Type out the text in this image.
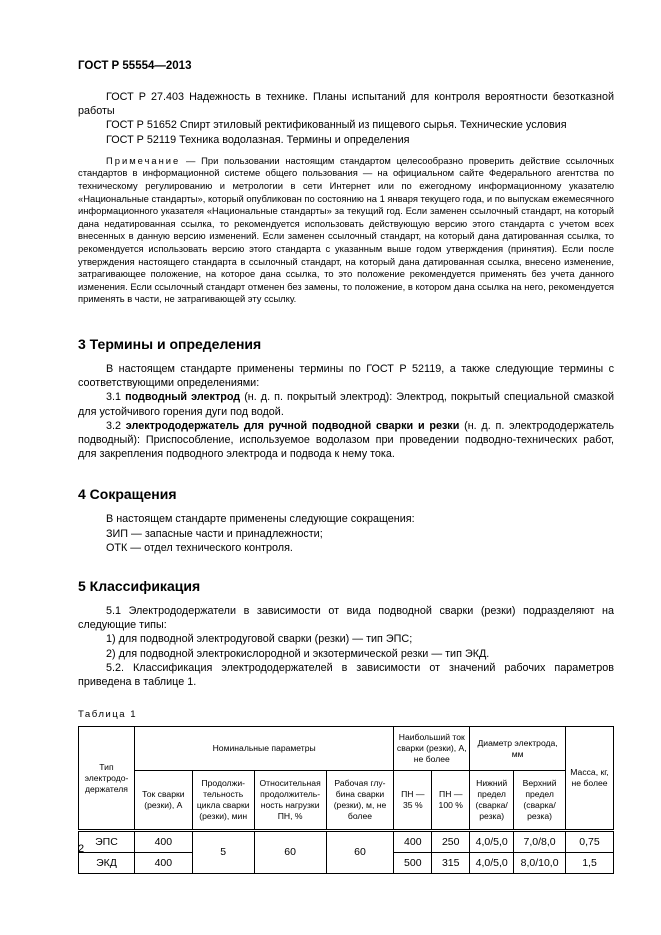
ГОСТ Р 55554—2013

ГОСТ Р 27.403 Надежность в технике. Планы испытаний для контроля вероятности безотказной работы

ГОСТ Р 51652 Спирт этиловый ректификованный из пищевого сырья. Технические условия

ГОСТ Р 52119 Техника водолазная. Термины и определения

Примечание — При пользовании настоящим стандартом целесообразно проверить действие ссылочных стандартов в информационной системе общего пользования — на официальном сайте Федерального агентства по техническому регулированию и метрологии в сети Интернет или по ежегодному информационному указателю «Национальные стандарты», который опубликован по состоянию на 1 января текущего года, и по выпускам ежемесячного информационного указателя «Национальные стандарты» за текущий год. Если заменен ссылочный стандарт, на который дана недатированная ссылка, то рекомендуется использовать действующую версию этого стандарта с учетом всех внесенных в данную версию изменений. Если заменен ссылочный стандарт, на который дана датированная ссылка, то рекомендуется использовать версию этого стандарта с указанным выше годом утверждения (принятия). Если после утверждения настоящего стандарта в ссылочный стандарт, на который дана датированная ссылка, внесено изменение, затрагивающее положение, на которое дана ссылка, то это положение рекомендуется применять без учета данного изменения. Если ссылочный стандарт отменен без замены, то положение, в котором дана ссылка на него, рекомендуется применять в части, не затрагивающей эту ссылку.

3 Термины и определения

В настоящем стандарте применены термины по ГОСТ Р 52119, а также следующие термины с соответствующими определениями:

3.1 подводный электрод (н. д. п. покрытый электрод): Электрод, покрытый специальной смазкой для устойчивого горения дуги под водой.

3.2 электрододержатель для ручной подводной сварки и резки (н. д. п. электрододержатель подводный): Приспособление, используемое водолазом при проведении подводно-технических работ, для закрепления подводного электрода и подвода к нему тока.

4 Сокращения

В настоящем стандарте применены следующие сокращения:

ЗИП — запасные части и принадлежности;

ОТК — отдел технического контроля.

5 Классификация

5.1 Электрододержатели в зависимости от вида подводной сварки (резки) подразделяют на следующие типы:

1) для подводной электродуговой сварки (резки) — тип ЭПС;

2) для подводной электрокислородной и экзотермической резки — тип ЭКД.

5.2. Классификация электрододержателей в зависимости от значений рабочих параметров приведена в таблице 1.

Таблица 1
Тип электродо-держателя	Номинальные параметры				Наибольший ток сварки (резки), А, не более		Диаметр электрода, мм		Масса, кг, не более
	Ток сварки (резки), А	Продолжи-тельность цикла сварки (резки), мин	Относительная продолжитель-ность нагрузки ПН, %	Рабочая глу-бина сварки (резки), м, не более	ПН — 35 %	ПН — 100 %	Нижний предел (сварка/ резка)	Верхний предел (сварка/ резка)	
ЭПС	400	5	60	60	400	250	4,0/5,0	7,0/8,0	0,75
ЭКД	400				500	315	4,0/5,0	8,0/10,0	1,5
2
